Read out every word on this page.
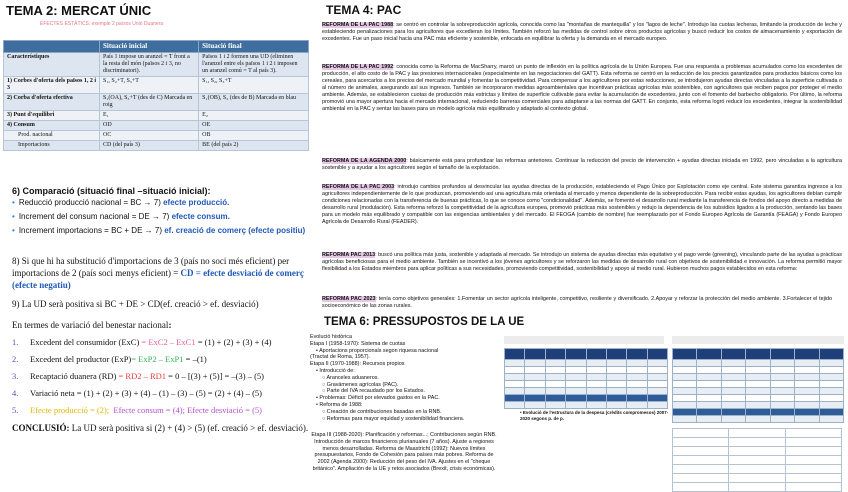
TEMA 2: MERCAT ÚNIC
EFECTES ESTÀTICS: exemple 2 països Unió Duanera
	Situació inicial	Situació final
Característiques	País 1 impose un aranzel = T front a la resta del món (països 2 i 3, no discriminatori).	Països 1 i 2 formen una UD (eliminen l'aranzel entre els països 1 i 2 i imposen un aranzel comú = T al país 3).
1) Corbes d'oferta dels països 1, 2 i 3	S₁, S₂+T, S₃+T	S₁, S₂, S₃+T
2) Corba d'oferta efectiva	S₁(OA), S₃+T (des de C) Marcada en roig	S₁(OB), S₂ (des de B) Marcada en blau
3) Punt d'equilibri	E₁	E₂
4) Consum	OD	OE
Prod. nacional	OC	OB
Importacions	CD (del país 3)	BE (del país 2)
6) Comparació (situació final –situació inicial):
• Reducció producció nacional = BC → 7) efecte producció.
• Increment del consum nacional = DE → 7) efecte consum.
• Increment importacions = BC + DE → 7) ef. creació de comerç (efecte positiu)
8) Si que hi ha substitució d'importacions de 3 (país no soci més eficient) per importacions de 2 (país soci menys eficient) = CD = efecte desviació de comerç (efecte negatiu)
9) La UD serà positiva si BC + DE > CD(ef. creació > ef. desviació)
En termes de variació del benestar nacional:
1. Excedent del consumidor (ExC) = ExC2 – ExC1 = (1) + (2) + (3) + (4)
2. Excedent del productor (ExP)= ExP2 – ExP1 = –(1)
3. Recaptació duanera (RD) = RD2 – RD1 = 0 – [(3) + (5)] = –(3) – (5)
4. Variació neta = (1) + (2) + (3) + (4) – (1) – (3) – (5) = (2) + (4) – (5)
5. Efecte producció = (2); Efecte consum = (4); Efecte desviació = (5)
CONCLUSIÓ: La UD serà positiva si (2) + (4) > (5) (ef. creació > ef. desviació).
TEMA 4: PAC
REFORMA DE LA PAC 1988: se centró en controlar la sobreproducción agrícola, conocida como las "montañas de mantequilla" y los "lagos de leche". Introdujo las cuotas lecheras, limitando la producción de leche y estableciendo penalizaciones para los agricultores que excedieran los límites. También reforzó las medidas de control sobre otros productos agrícolas y buscó reducir los costos de almacenamiento y exportación de excedentes. Fue un paso inicial hacia una PAC más eficiente y sostenible, enfocada en equilibrar la oferta y la demanda en el mercado europeo.
REFORMA DE LA PAC 1992: conocida como la Reforma de MacSharry, marcó un punto de inflexión en la política agrícola de la Unión Europea. Fue una respuesta a problemas acumulados como los excedentes de producción, el alto costo de la PAC y las presiones internacionales (especialmente en las negociaciones del GATT). Esta reforma se centró en la reducción de los precios garantizados para productos básicos como los cereales, para acercarlos a los precios del mercado mundial y fomentar la competitividad. Para compensar a los agricultores por estas reducciones, se introdujeron ayudas directas vinculadas a la superficie cultivada o al número de animales, asegurando así sus ingresos. También se incorporaron medidas agroambientales que incentivan prácticas agrícolas más sostenibles, con agricultores que reciben pagos por proteger el medio ambiente. Además, se establecieron cuotas de producción más estrictas y límites de superficie cultivable para evitar la acumulación de excedentes, junto con el fomento del barbecho obligatorio. Por último, la reforma promovió una mayor apertura hacia el mercado internacional, reduciendo barreras comerciales para adaptarse a las normas del GATT. En conjunto, esta reforma logró reducir los excedentes, integrar la sostenibilidad ambiental en la PAC y sentar las bases para un modelo agrícola más equilibrado y adaptado al contexto global.
REFORMA DE LA AGENDA 2000: básicamente está para profundizar las reformas anteriores. Continuar la reducción del precio de intervención + ayudas directas iniciada en 1992, pero vinculadas a la agricultura sostenible y a ayudar a los agricultores según el tamaño de la explotación.
REFORMA DE LA PAC 2003: introdujo cambios profundos al desvincular las ayudas directas de la producción, estableciendo el Pago Único por Explotación como eje central. Este sistema garantiza ingresos a los agricultores independientemente de lo que produzcan, promoviendo así una agricultura más orientada al mercado y menos dependiente de la sobreproducción. Para recibir estas ayudas, los agricultores debían cumplir condiciones relacionadas con la transferencia de buenas prácticas, lo que se conoce como "condicionalidad". Además, se fomentó el desarrollo rural mediante la transferencia de fondos del apoyo directo a medidas de desarrollo rural (modulación). Esta reforma reforzó la competitividad de la agricultura europea, promovió prácticas más sostenibles y redujo la dependencia de los subsidios ligados a la producción, sentando las bases para un modelo más equilibrado y compatible con las exigencias ambientales y del mercado. El FEOGA (cambio de nombre) fue reemplazado por el Fondo Europeo Agrícola de Garantía (FEAGA) y Fondo Europeo Agrícola de Desarrollo Rural (FEADER).
REFORMA PAC 2013: buscó una política más justa, sostenible y adaptada al mercado. Se introdujo un sistema de ayudas directas más equitativo y el pago verde (greening), vinculando parte de las ayudas a prácticas agrícolas beneficiosas para el medio ambiente. También se incentivó a los jóvenes agricultores y se reforzaron las medidas de desarrollo rural con objetivos de sostenibilidad e innovación. La reforma permitió mayor flexibilidad a los Estados miembros para aplicar políticas a sus necesidades, promoviendo competitividad, sostenibilidad y apoyo al medio rural. Hubieron muchos pagos establecidos en esta reforma:
REFORMA PAC 2023: tenía como objetivos generales: 1.Fomentar un sector agrícola inteligente, competitivo, resiliente y diversificado. 2.Apoyar y reforzar la protección del medio ambiente. 3.Fortalecer el tejido socioeconómico de las zonas rurales.
TEMA 6: PRESSUPOSTOS DE LA UE
Evolució històrica
Etapa I (1958-1970): Sistema de cuotas
• Aportacions proporcionals segon riquesa nacional
(Tractat de Roma, 1957).
Etapa II (1970-1988): Recursos propios
• Introducció de:
○ Aranceles aduaneros.
○ Gravámenes agrícolas (PAC).
○ Parte del IVA recaudado por los Estados.
• Problemas: Déficit por elevados gastos en la PAC.
• Reforma de 1988:
○ Creación de contribuciones basadas en la RNB.
○ Reformas para mayor equidad y sostenibilidad financiera.
Etapa III (1988-2020): Planificación y reformas...; Contribuciones según RNB. Introducción de marcos financieros plurianuales (7 años). Ajuste a regiones menos desarrolladas. Reforma de Maastricht (1992): Nuevos límites presupuestarios, Fondo de Cohesión para países más pobres. Reforma de 2002 (Agenda 2000): Reducción del peso del IVA. Ajustes en el "cheque británico". Ampliación de la UE y retos asociados (Brexit, crisis económicas).

• Evolució de l'estructura de la despesa (crèdits compromesos) 2007-2020 segons p. de p.
